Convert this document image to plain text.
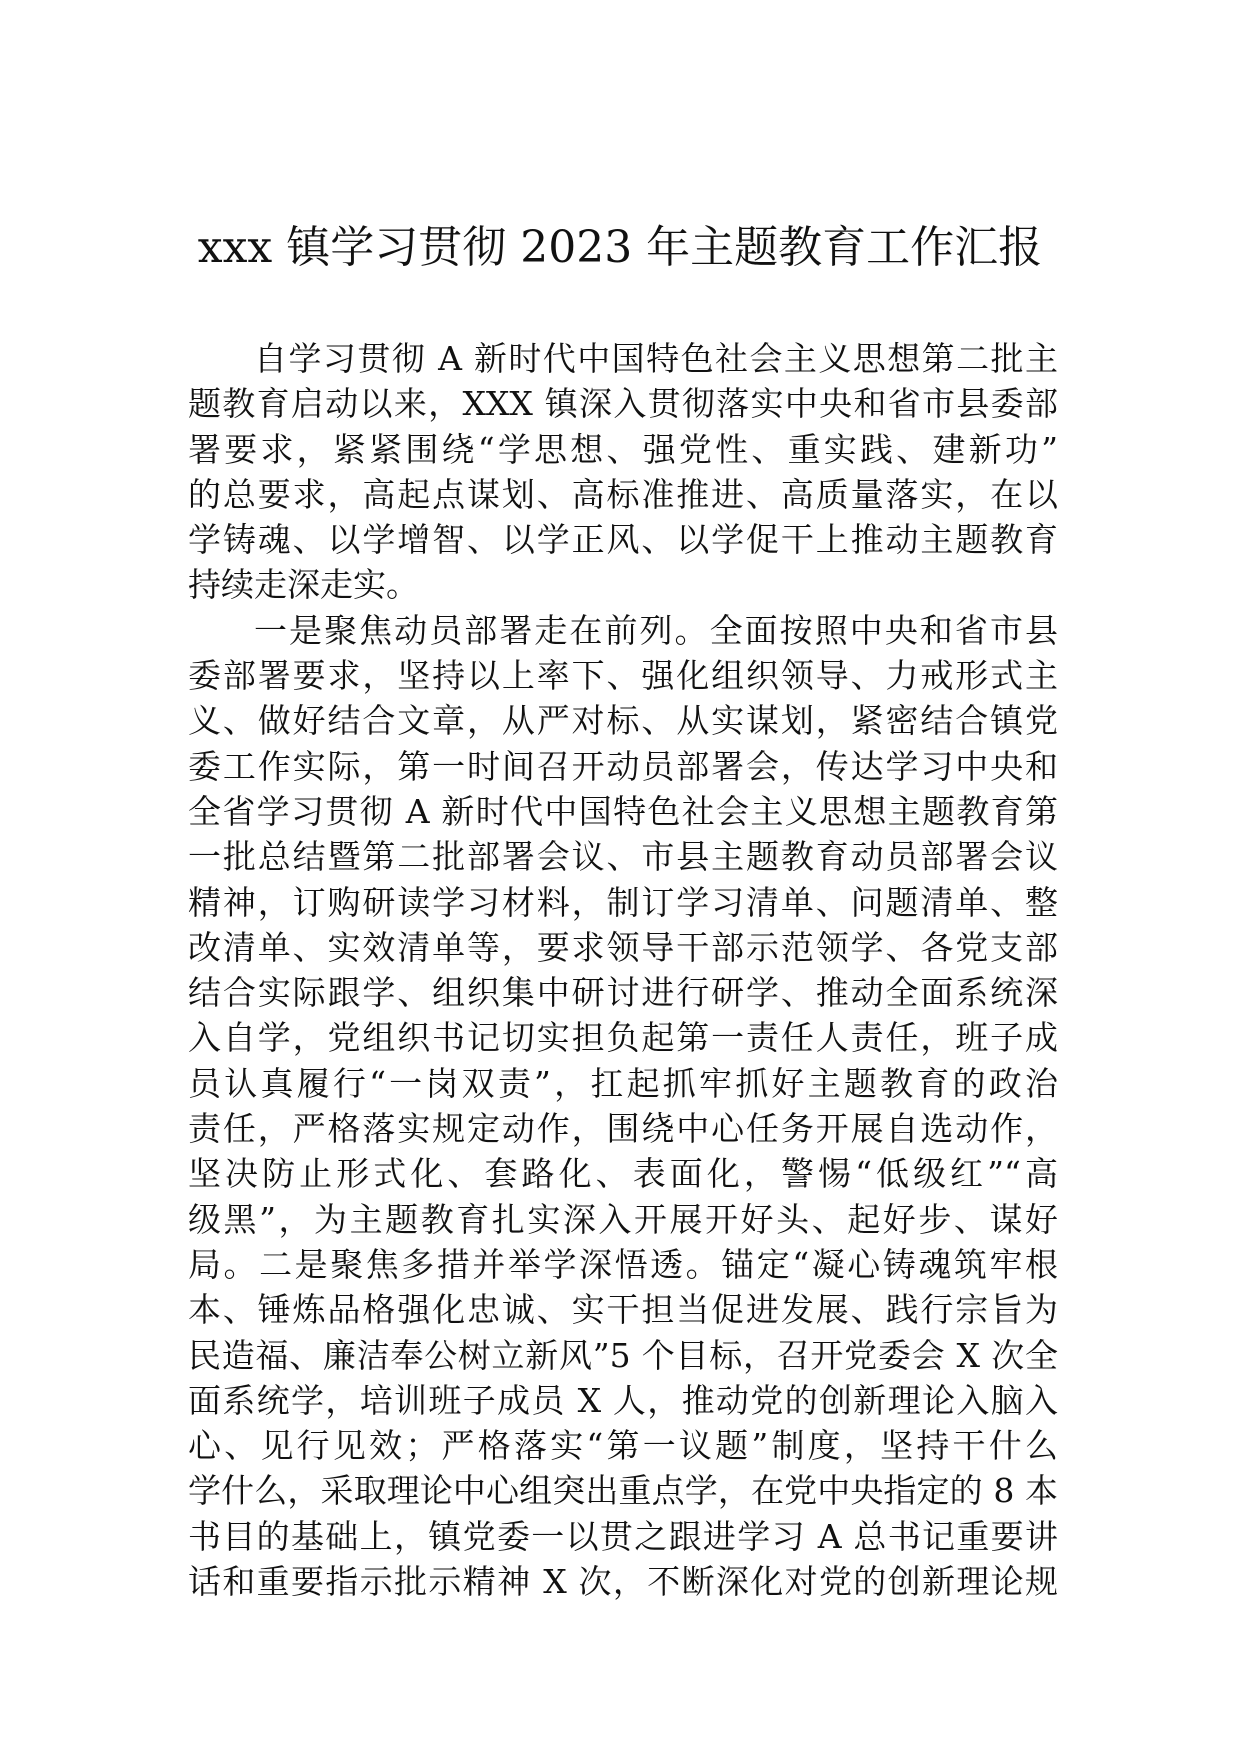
xxx 镇学习贯彻 2023 年主题教育工作汇报
自学习贯彻 A 新时代中国特色社会主义思想第二批主
题教育启动以来，XXX 镇深入贯彻落实中央和省市县委部
署要求，紧紧围绕“学思想、强党性、重实践、建新功”
的总要求，高起点谋划、高标准推进、高质量落实，在以
学铸魂、以学增智、以学正风、以学促干上推动主题教育
持续走深走实。
一是聚焦动员部署走在前列。全面按照中央和省市县
委部署要求，坚持以上率下、强化组织领导、力戒形式主
义、做好结合文章，从严对标、从实谋划，紧密结合镇党
委工作实际，第一时间召开动员部署会，传达学习中央和
全省学习贯彻 A 新时代中国特色社会主义思想主题教育第
一批总结暨第二批部署会议、市县主题教育动员部署会议
精神，订购研读学习材料，制订学习清单、问题清单、整
改清单、实效清单等，要求领导干部示范领学、各党支部
结合实际跟学、组织集中研讨进行研学、推动全面系统深
入自学，党组织书记切实担负起第一责任人责任，班子成
员认真履行“一岗双责”，扛起抓牢抓好主题教育的政治
责任，严格落实规定动作，围绕中心任务开展自选动作，
坚决防止形式化、套路化、表面化，警惕“低级红”“高
级黑”，为主题教育扎实深入开展开好头、起好步、谋好
局。二是聚焦多措并举学深悟透。锚定“凝心铸魂筑牢根
本、锤炼品格强化忠诚、实干担当促进发展、践行宗旨为
民造福、廉洁奉公树立新风”5 个目标，召开党委会 X 次全
面系统学，培训班子成员 X 人，推动党的创新理论入脑入
心、见行见效；严格落实“第一议题”制度，坚持干什么
学什么，采取理论中心组突出重点学，在党中央指定的 8 本
书目的基础上，镇党委一以贯之跟进学习 A 总书记重要讲
话和重要指示批示精神 X 次，不断深化对党的创新理论规
